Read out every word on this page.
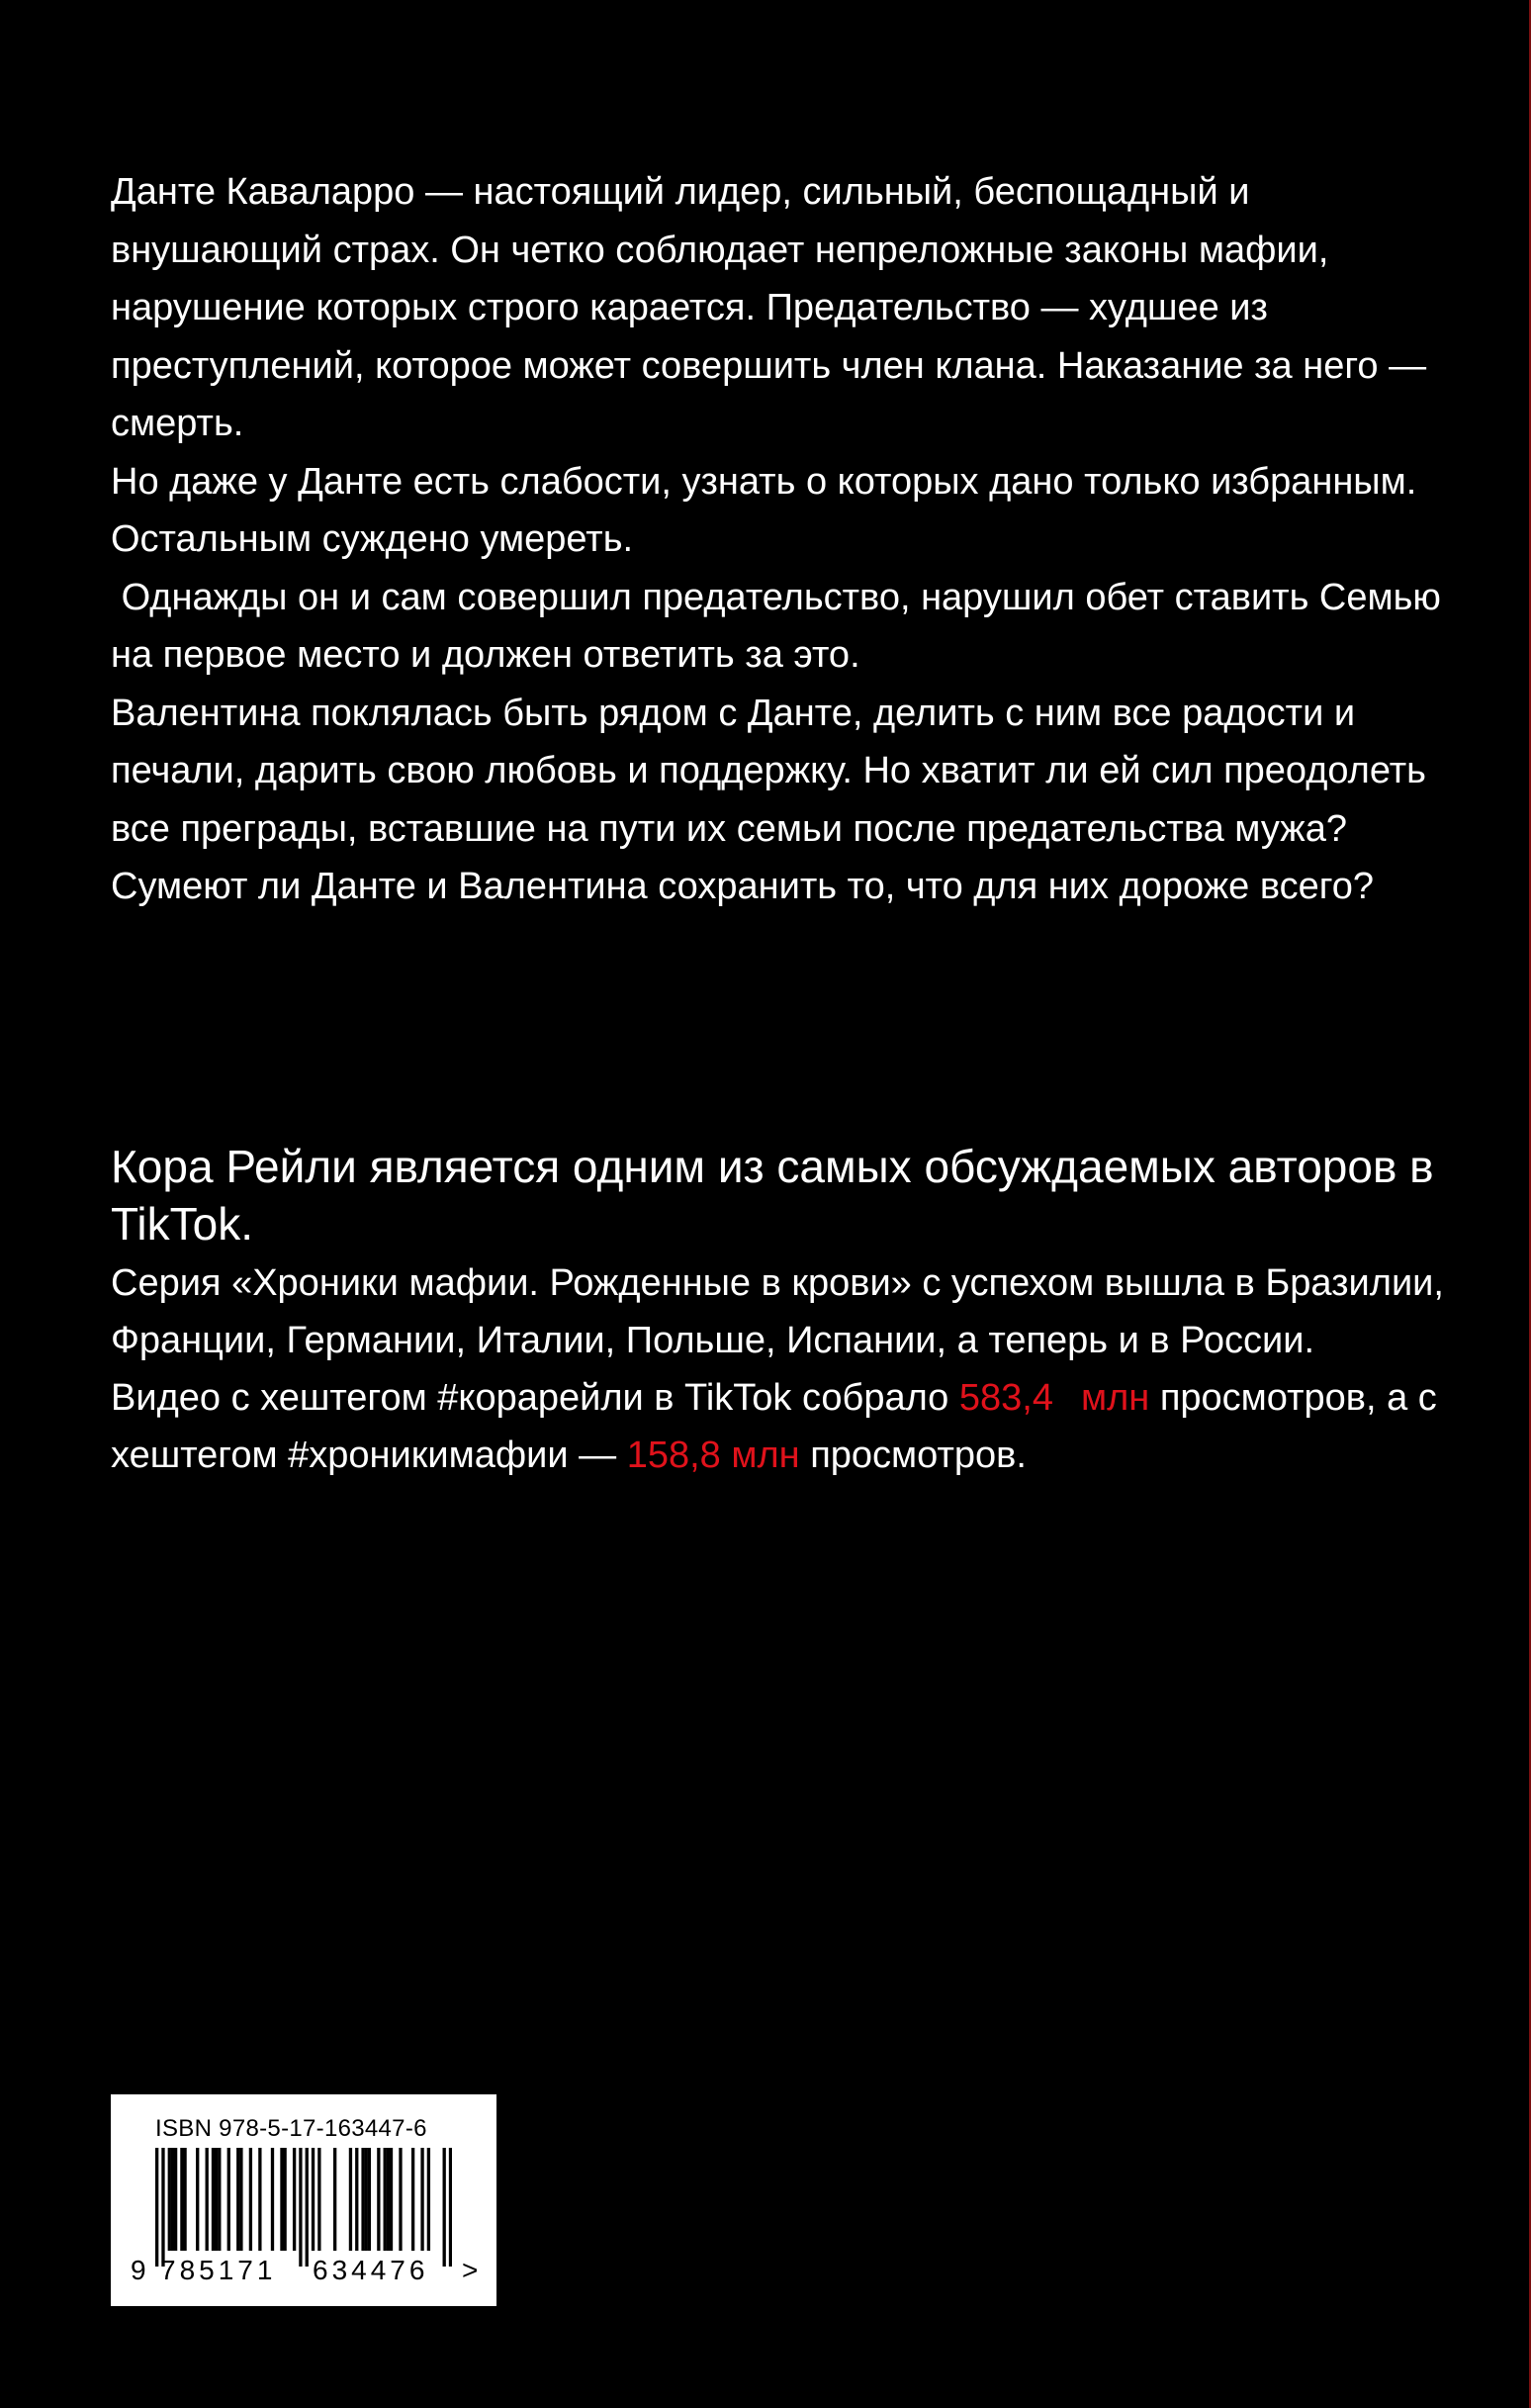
Данте Каваларро — настоящий лидер, сильный, беспощадный и внушающий страх. Он четко соблюдает непреложные законы мафии, нарушение которых строго карается. Предательство — худшее из преступлений, которое может совершить член клана. Наказание за него — смерть.

Но даже у Данте есть слабости, узнать о которых дано только избранным. Остальным суждено умереть.

Однажды он и сам совершил предательство, нарушил обет ставить Семью на первое место и должен ответить за это.

Валентина поклялась быть рядом с Данте, делить с ним все радости и печали, дарить свою любовь и поддержку. Но хватит ли ей сил преодолеть все преграды, вставшие на пути их семьи после предательства мужа?

Сумеют ли Данте и Валентина сохранить то, что для них дороже всего?

Кора Рейли является одним из самых обсуждаемых авторов в TikTok.

Серия «Хроники мафии. Рожденные в крови» с успехом вышла в Бразилии, Франции, Германии, Италии, Польше, Испании, а теперь и в России.

Видео с хештегом #корарейли в TikTok собрало 583,4 млн просмотров, а с хештегом #хроникимафии — 158,8 млн просмотров.

ISBN 978-5-17-163447-6
9 785171 634476 >
